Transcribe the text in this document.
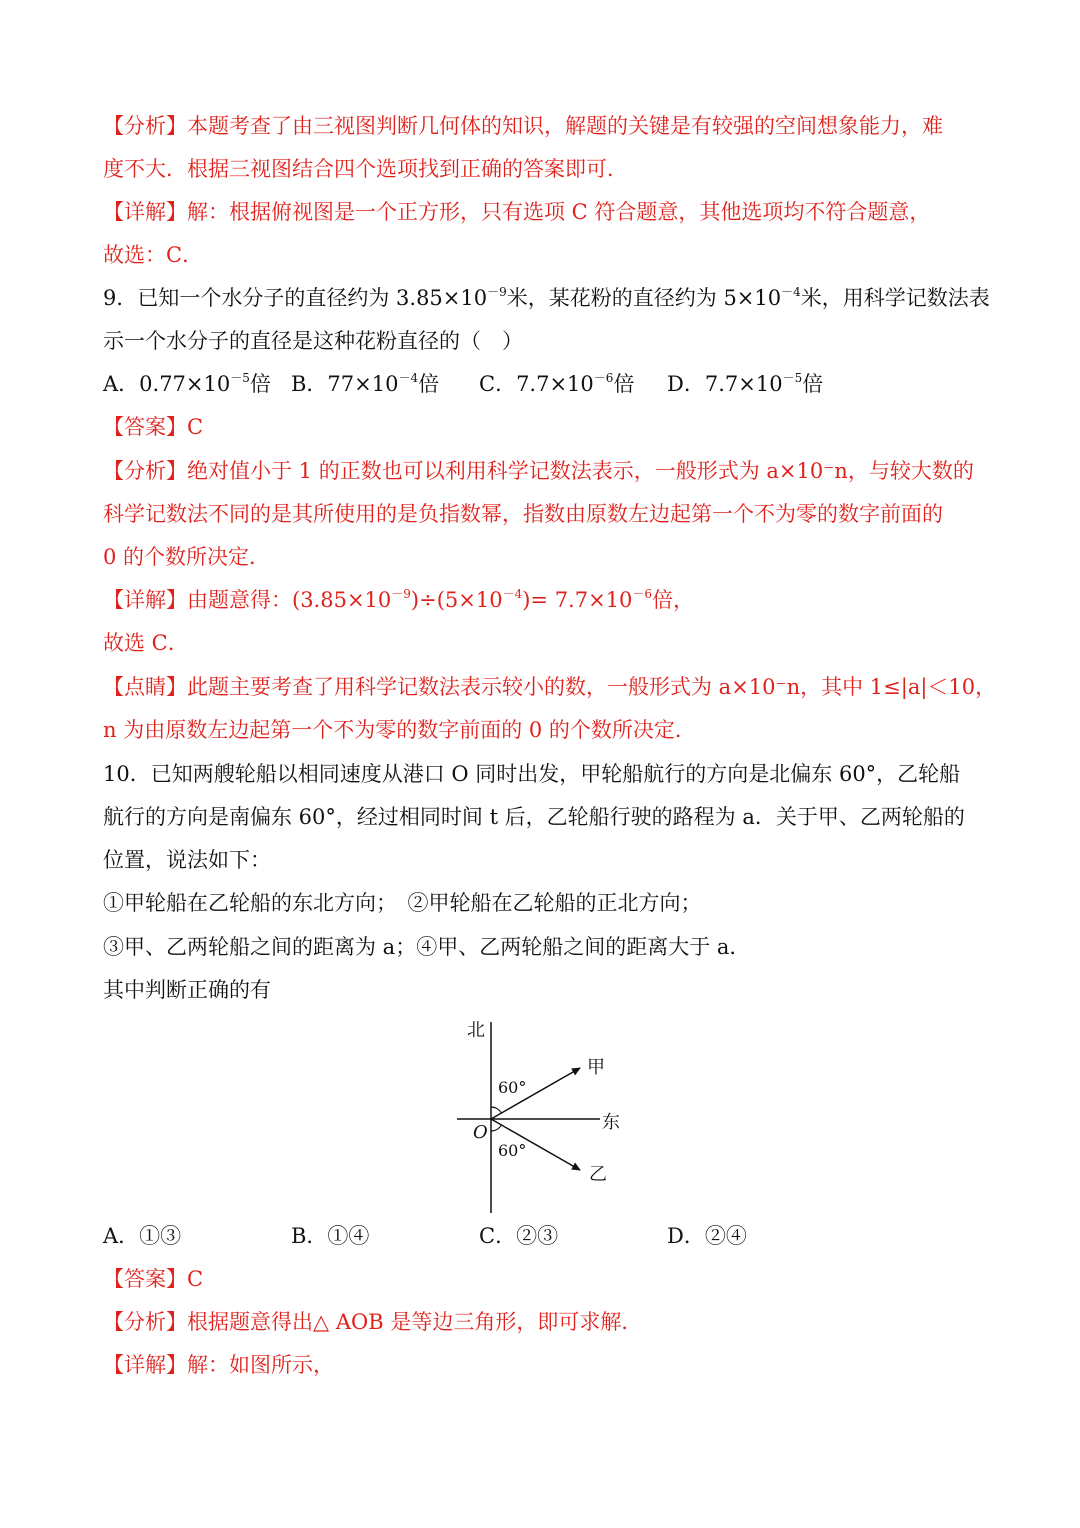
【分析】本题考查了由三视图判断几何体的知识，解题的关键是有较强的空间想象能力，难
度不大．根据三视图结合四个选项找到正确的答案即可．
【详解】解：根据俯视图是一个正方形，只有选项 C 符合题意，其他选项均不符合题意，
故选：C．
9．已知一个水分子的直径约为 $3.85\times 10^{-9}$米，某花粉的直径约为 $5\times 10^{-4}$米，用科学记数法表
示一个水分子的直径是这种花粉直径的（　）
A．$0.77\times 10^{-5}$倍 B．$77\times 10^{-4}$倍 C．$7.7\times 10^{-6}$倍 D．$7.7\times 10^{-5}$倍
【答案】C
【分析】绝对值小于 1 的正数也可以利用科学记数法表示，一般形式为 a×10⁻n，与较大数的
科学记数法不同的是其所使用的是负指数幂，指数由原数左边起第一个不为零的数字前面的
0 的个数所决定．
【详解】由题意得：$(3.85\times 10^{-9})\div(5\times 10^{-4})= 7.7\times 10^{-6}$倍，
故选 C．
【点睛】此题主要考查了用科学记数法表示较小的数，一般形式为 a×10⁻n，其中 1≤|a|＜10，
n 为由原数左边起第一个不为零的数字前面的 0 的个数所决定．
10．已知两艘轮船以相同速度从港口 O 同时出发，甲轮船航行的方向是北偏东 60°，乙轮船
航行的方向是南偏东 60°，经过相同时间 t 后，乙轮船行驶的路程为 a．关于甲、乙两轮船的
位置，说法如下：
①甲轮船在乙轮船的东北方向；　②甲轮船在乙轮船的正北方向；
③甲、乙两轮船之间的距离为 a；④甲、乙两轮船之间的距离大于 a．
其中判断正确的有
北
东
O
甲
乙
60°
60°
A．①③	B．①④	C．②③	D．②④
【答案】C
【分析】根据题意得出△ AOB 是等边三角形，即可求解．
【详解】解：如图所示，
